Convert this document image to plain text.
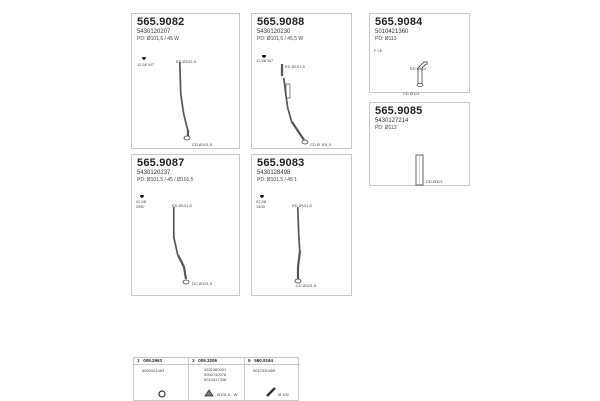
565.9082
5430120207
PD: Ø101,6 / 45 W
12,56 W7
ED Ø101,5
CD Ø101,5
565.9088
5430120230
PD: Ø101,6 / 45,5 W
12,56 W7
ED Ø101,5
CD Ø 101,5
565.9084
5010421360
PD: Ø113
F LE
ED Ø113
CD Ø113
565.9085
5430127214
PD: Ø113
CD Ø113
565.9087
5430120237
PD: Ø101,5 / 45 / Ø101,5
02,58 2587	ED Ø101,5
DC Ø101,5
565.9083
5430128498
PD: Ø101,5 / 45 1
02,58 1400	ED Ø101,5
CD Ø101,5
1 009.2963
5500001453
3 009.3206
4331360001
5000742076
5010417336
Ø101,5 - W
5 590.9164
5012330459
Ø 102
